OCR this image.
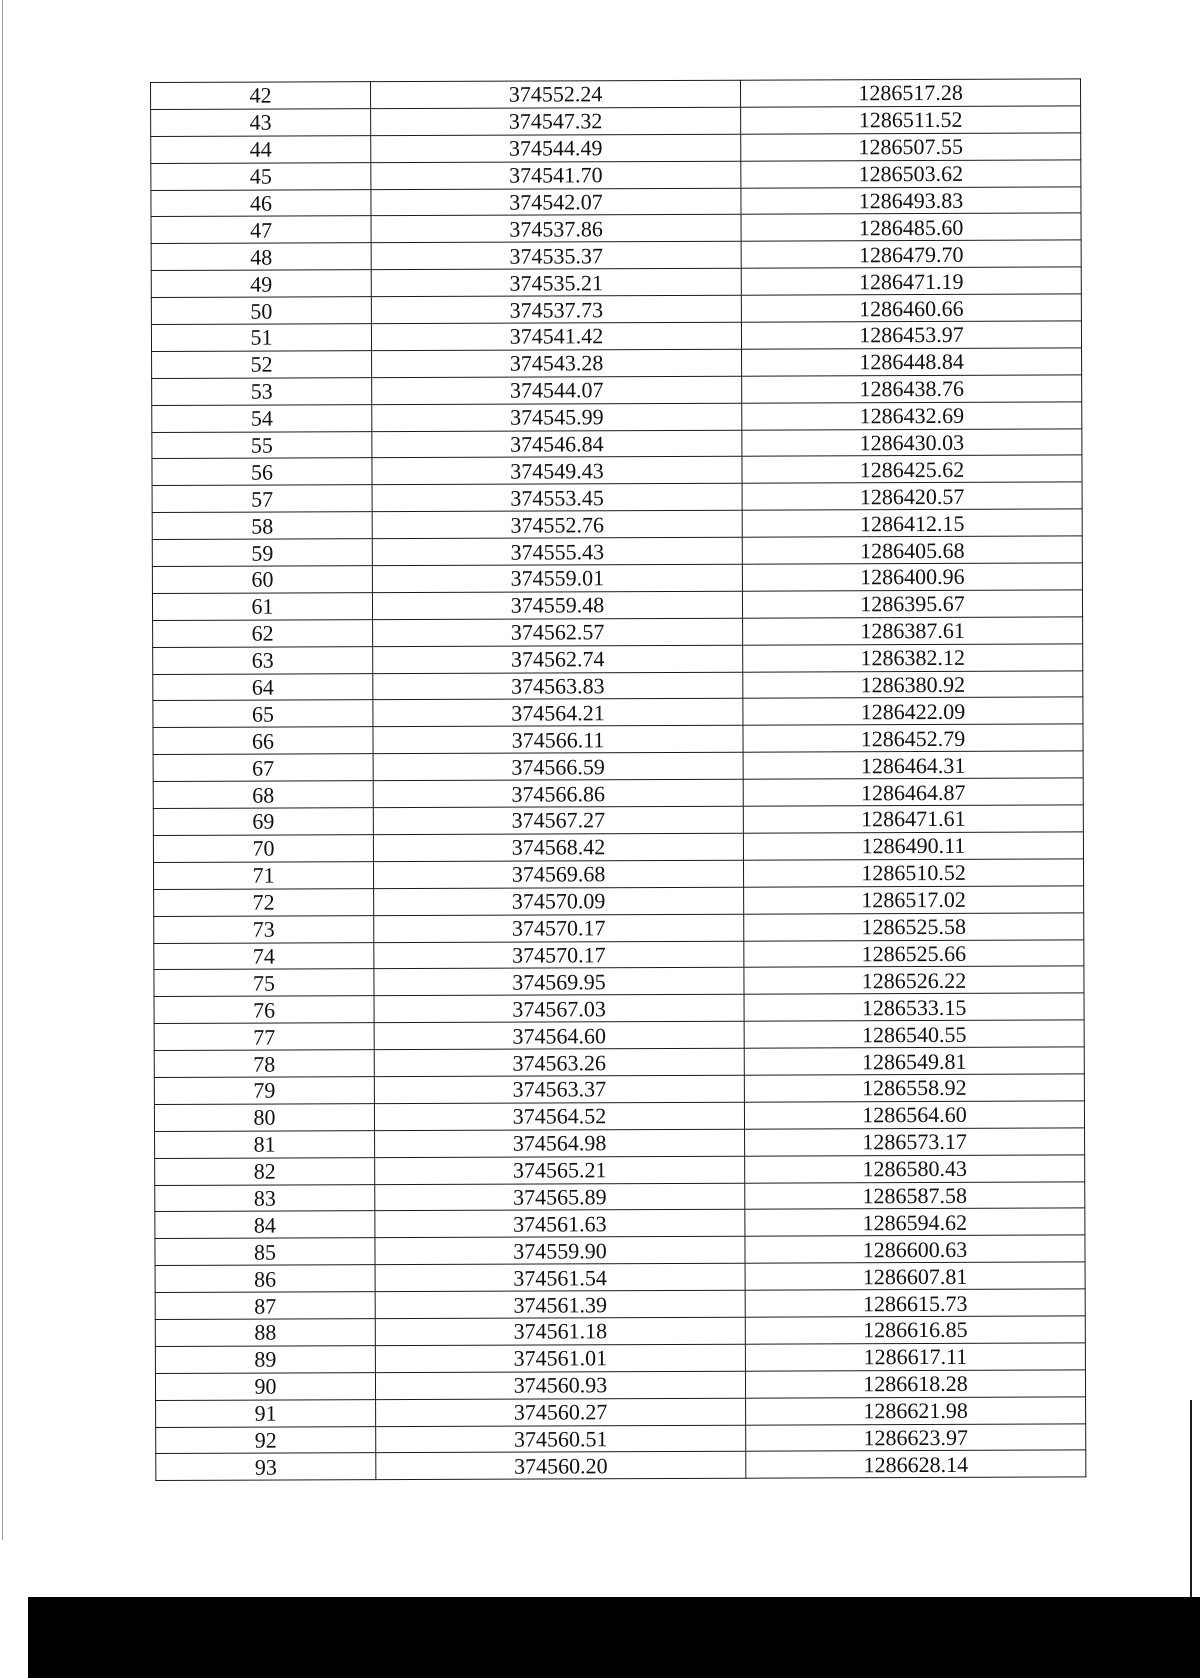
42	374552.24	1286517.28
43	374547.32	1286511.52
44	374544.49	1286507.55
45	374541.70	1286503.62
46	374542.07	1286493.83
47	374537.86	1286485.60
48	374535.37	1286479.70
49	374535.21	1286471.19
50	374537.73	1286460.66
51	374541.42	1286453.97
52	374543.28	1286448.84
53	374544.07	1286438.76
54	374545.99	1286432.69
55	374546.84	1286430.03
56	374549.43	1286425.62
57	374553.45	1286420.57
58	374552.76	1286412.15
59	374555.43	1286405.68
60	374559.01	1286400.96
61	374559.48	1286395.67
62	374562.57	1286387.61
63	374562.74	1286382.12
64	374563.83	1286380.92
65	374564.21	1286422.09
66	374566.11	1286452.79
67	374566.59	1286464.31
68	374566.86	1286464.87
69	374567.27	1286471.61
70	374568.42	1286490.11
71	374569.68	1286510.52
72	374570.09	1286517.02
73	374570.17	1286525.58
74	374570.17	1286525.66
75	374569.95	1286526.22
76	374567.03	1286533.15
77	374564.60	1286540.55
78	374563.26	1286549.81
79	374563.37	1286558.92
80	374564.52	1286564.60
81	374564.98	1286573.17
82	374565.21	1286580.43
83	374565.89	1286587.58
84	374561.63	1286594.62
85	374559.90	1286600.63
86	374561.54	1286607.81
87	374561.39	1286615.73
88	374561.18	1286616.85
89	374561.01	1286617.11
90	374560.93	1286618.28
91	374560.27	1286621.98
92	374560.51	1286623.97
93	374560.20	1286628.14
